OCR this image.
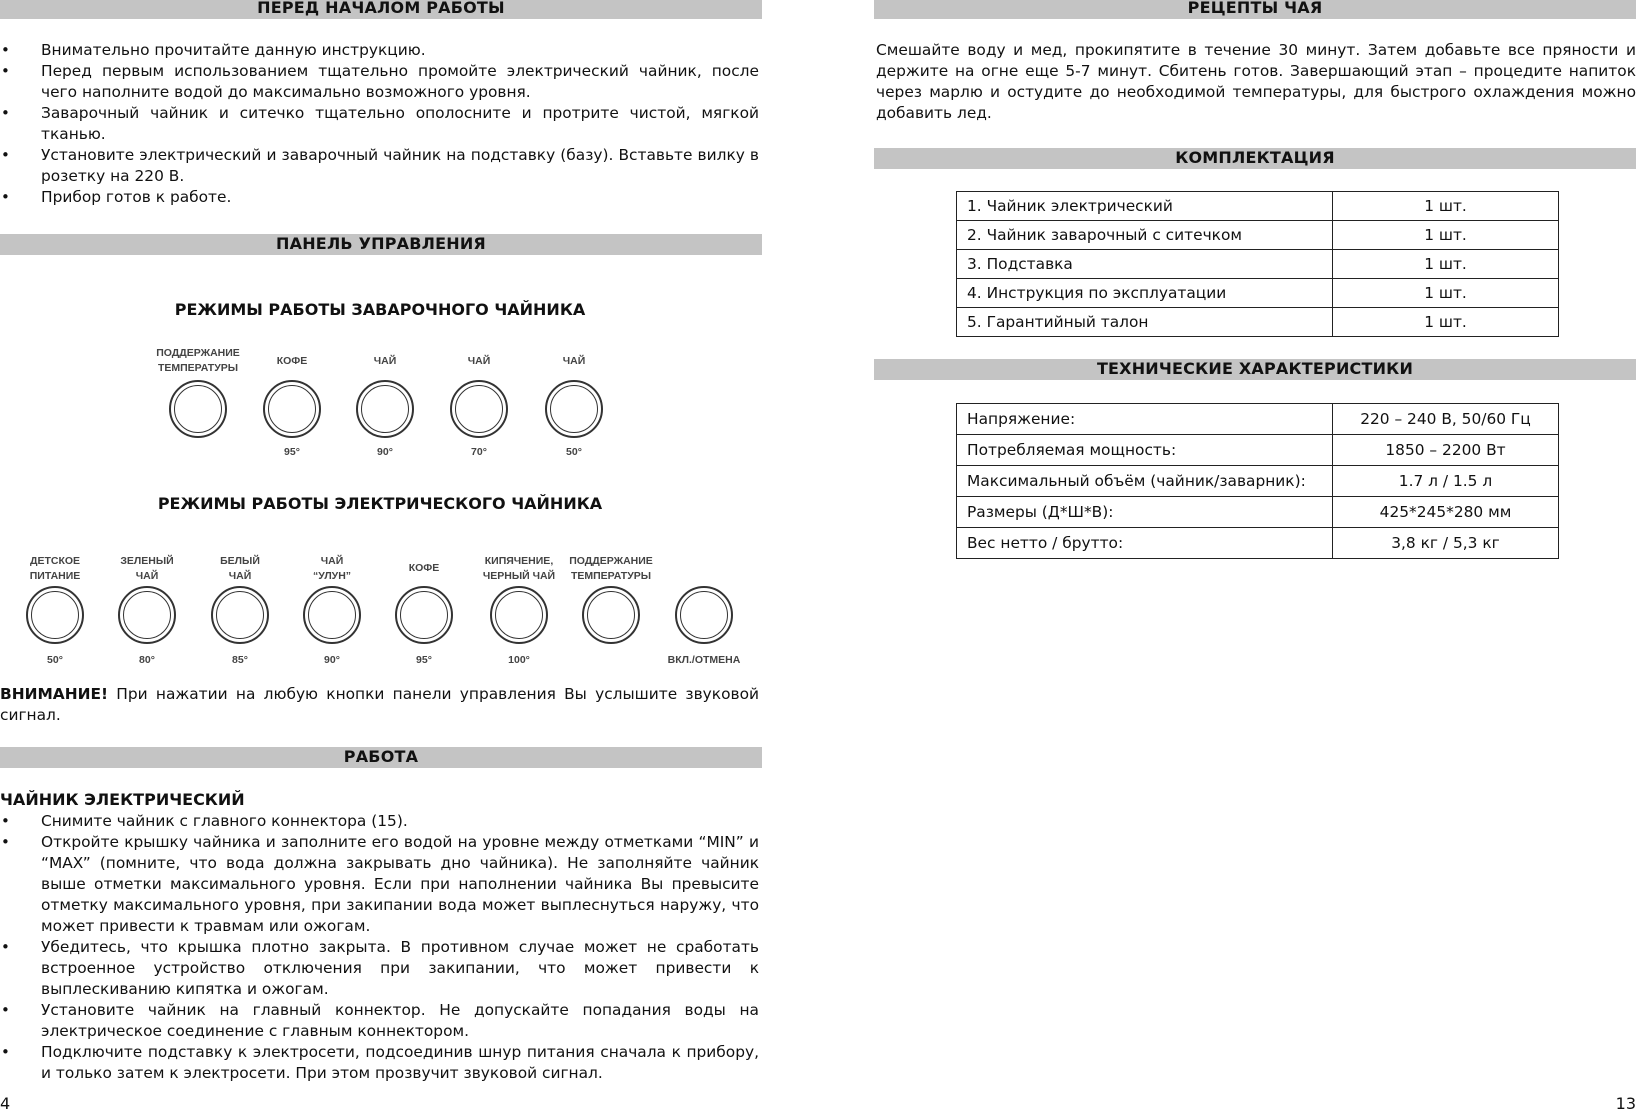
ПЕРЕД НАЧАЛОМ РАБОТЫ
• Внимательно прочитайте данную инструкцию.
• Перед первым использованием тщательно промойте электрический чайник, после чего наполните водой до максимально возможного уровня.
• Заварочный чайник и ситечко тщательно ополосните и протрите чистой, мягкой тканью.
• Установите электрический и заварочный чайник на подставку (базу). Вставьте вилку в розетку на 220 В.
• Прибор готов к работе.
ПАНЕЛЬ УПРАВЛЕНИЯ
РЕЖИМЫ РАБОТЫ ЗАВАРОЧНОГО ЧАЙНИКА
ПОДДЕРЖАНИЕ
ТЕМПЕРАТУРЫ
КОФЕ
95°
ЧАЙ
90°
ЧАЙ
70°
ЧАЙ
50°
РЕЖИМЫ РАБОТЫ ЭЛЕКТРИЧЕСКОГО ЧАЙНИКА
ДЕТСКОЕ
ПИТАНИЕ
50°
ЗЕЛЕНЫЙ
ЧАЙ
80°
БЕЛЫЙ
ЧАЙ
85°
ЧАЙ
“УЛУН”
90°
КОФЕ
95°
КИПЯЧЕНИЕ,
ЧЕРНЫЙ ЧАЙ
100°
ПОДДЕРЖАНИЕ
ТЕМПЕРАТУРЫ
ВКЛ./ОТМЕНА

ВНИМАНИЕ! При нажатии на любую кнопки панели управления Вы услышите звуковой сигнал.

РАБОТА
ЧАЙНИК ЭЛЕКТРИЧЕСКИЙ
• Снимите чайник с главного коннектора (15).
• Откройте крышку чайника и заполните его водой на уровне между отметками “MIN” и “MAX” (помните, что вода должна закрывать дно чайника). Не заполняйте чайник выше отметки максимального уровня. Если при наполнении чайника Вы превысите отметку максимального уровня, при закипании вода может выплеснуться наружу, что может привести к травмам или ожогам.
• Убедитесь, что крышка плотно закрыта. В противном случае может не сработать встроенное устройство отключения при закипании, что может привести к выплескиванию кипятка и ожогам.
• Установите чайник на главный коннектор. Не допускайте попадания воды на электрическое соединение с главным коннектором.
• Подключите подставку к электросети, подсоединив шнур питания сначала к прибору, и только затем к электросети. При этом прозвучит звуковой сигнал.
4
РЕЦЕПТЫ ЧАЯ

Смешайте воду и мед, прокипятите в течение 30 минут. Затем добавьте все пряности и держите на огне еще 5-7 минут. Сбитень готов. Завершающий этап – процедите напиток через марлю и остудите до необходимой температуры, для быстрого охлаждения можно добавить лед.

КОМПЛЕКТАЦИЯ
1. Чайник электрический	1 шт.
2. Чайник заварочный с ситечком	1 шт.
3. Подставка	1 шт.
4. Инструкция по эксплуатации	1 шт.
5. Гарантийный талон	1 шт.
ТЕХНИЧЕСКИЕ ХАРАКТЕРИСТИКИ
Напряжение:	220 – 240 В, 50/60 Гц
Потребляемая мощность:	1850 – 2200 Вт
Максимальный объём (чайник/заварник):	1.7 л / 1.5 л
Размеры (Д*Ш*В):	425*245*280 мм
Вес нетто / брутто:	3,8 кг / 5,3 кг
13
